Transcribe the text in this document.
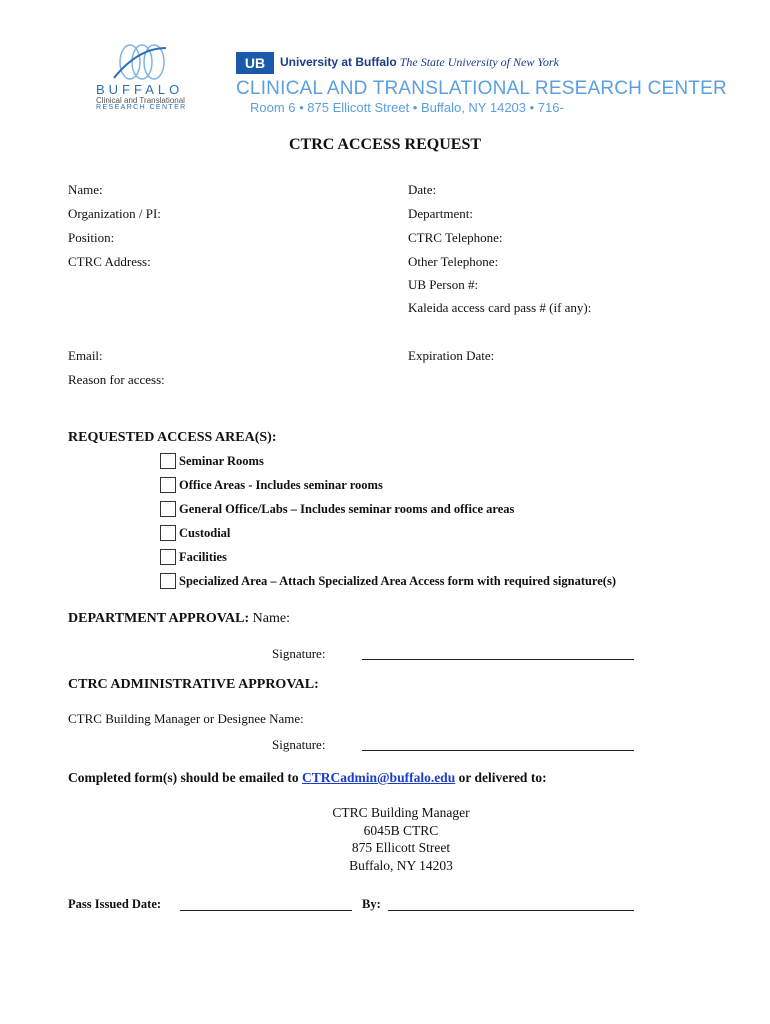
BUFFALO
Clinical and Translational
RESEARCH CENTER
UB	University at Buffalo The State University of New York
CLINICAL AND TRANSLATIONAL RESEARCH CENTER
Room 6 • 875 Ellicott Street • Buffalo, NY 14203 • 716-
CTRC ACCESS REQUEST
Name:
Organization / PI:
Position:
CTRC Address:
Email:
Reason for access:
Date:
Department:
CTRC Telephone:
Other Telephone:
UB Person #:
Kaleida access card pass # (if any):
Expiration Date:
REQUESTED ACCESS AREA(S):
Seminar Rooms
Office Areas - Includes seminar rooms
General Office/Labs – Includes seminar rooms and office areas
Custodial
Facilities
Specialized Area – Attach Specialized Area Access form with required signature(s)
DEPARTMENT APPROVAL: Name:
Signature:
CTRC ADMINISTRATIVE APPROVAL:
CTRC Building Manager or Designee Name:
Signature:
Completed form(s) should be emailed to CTRCadmin@buffalo.edu or delivered to:
CTRC Building Manager
6045B CTRC
875 Ellicott Street
Buffalo, NY 14203
Pass Issued Date:	By:
